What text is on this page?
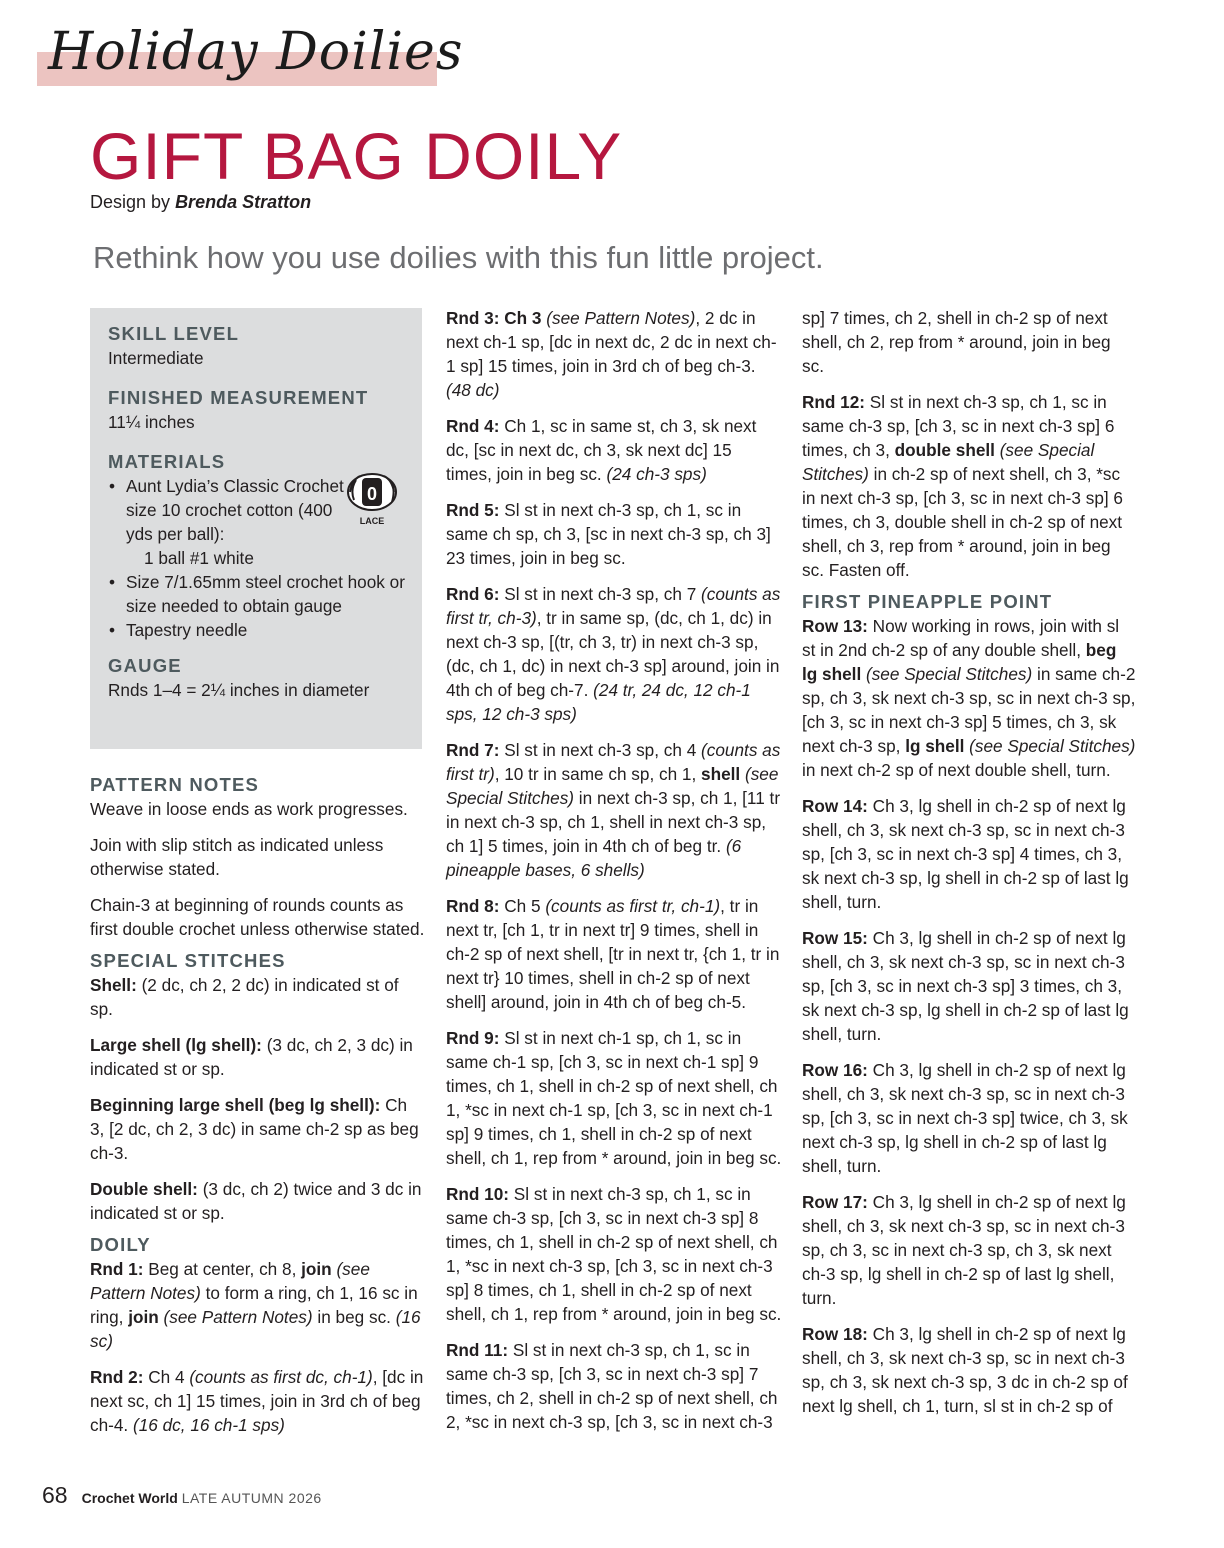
Holiday Doilies
GIFT BAG DOILY
Design by Brenda Stratton
Rethink how you use doilies with this fun little project.
SKILL LEVEL
Intermediate
FINISHED MEASUREMENT
11¼ inches
MATERIALS
• Aunt Lydia’s Classic Crochet size 10 crochet cotton (400 yds per ball):
1 ball #1 white
• Size 7/1.65mm steel crochet hook or size needed to obtain gauge
• Tapestry needle
GAUGE
Rnds 1–4 = 2¼ inches in diameter
0
LACE
PATTERN NOTES

Weave in loose ends as work progresses.

Join with slip stitch as indicated unless otherwise stated.

Chain-3 at beginning of rounds counts as first double crochet unless otherwise stated.

SPECIAL STITCHES

Shell: (2 dc, ch 2, 2 dc) in indicated st of sp.

Large shell (lg shell): (3 dc, ch 2, 3 dc) in indicated st or sp.

Beginning large shell (beg lg shell): Ch 3, [2 dc, ch 2, 3 dc) in same ch-2 sp as beg ch-3.

Double shell: (3 dc, ch 2) twice and 3 dc in indicated st or sp.

DOILY

Rnd 1: Beg at center, ch 8, join (see Pattern Notes) to form a ring, ch 1, 16 sc in ring, join (see Pattern Notes) in beg sc. (16 sc)

Rnd 2: Ch 4 (counts as first dc, ch-1), [dc in next sc, ch 1] 15 times, join in 3rd ch of beg ch-4. (16 dc, 16 ch-1 sps)

Rnd 3: Ch 3 (see Pattern Notes), 2 dc in next ch-1 sp, [dc in next dc, 2 dc in next ch-1 sp] 15 times, join in 3rd ch of beg ch-3. (48 dc)

Rnd 4: Ch 1, sc in same st, ch 3, sk next dc, [sc in next dc, ch 3, sk next dc] 15 times, join in beg sc. (24 ch-3 sps)

Rnd 5: Sl st in next ch-3 sp, ch 1, sc in same ch sp, ch 3, [sc in next ch-3 sp, ch 3] 23 times, join in beg sc.

Rnd 6: Sl st in next ch-3 sp, ch 7 (counts as first tr, ch-3), tr in same sp, (dc, ch 1, dc) in next ch-3 sp, [(tr, ch 3, tr) in next ch-3 sp, (dc, ch 1, dc) in next ch-3 sp] around, join in 4th ch of beg ch-7. (24 tr, 24 dc, 12 ch-1 sps, 12 ch-3 sps)

Rnd 7: Sl st in next ch-3 sp, ch 4 (counts as first tr), 10 tr in same ch sp, ch 1, shell (see Special Stitches) in next ch-3 sp, ch 1, [11 tr in next ch-3 sp, ch 1, shell in next ch-3 sp, ch 1] 5 times, join in 4th ch of beg tr. (6 pineapple bases, 6 shells)

Rnd 8: Ch 5 (counts as first tr, ch-1), tr in next tr, [ch 1, tr in next tr] 9 times, shell in ch-2 sp of next shell, [tr in next tr, {ch 1, tr in next tr} 10 times, shell in ch-2 sp of next shell] around, join in 4th ch of beg ch-5.

Rnd 9: Sl st in next ch-1 sp, ch 1, sc in same ch-1 sp, [ch 3, sc in next ch-1 sp] 9 times, ch 1, shell in ch-2 sp of next shell, ch 1, *sc in next ch-1 sp, [ch 3, sc in next ch-1 sp] 9 times, ch 1, shell in ch-2 sp of next shell, ch 1, rep from * around, join in beg sc.

Rnd 10: Sl st in next ch-3 sp, ch 1, sc in same ch-3 sp, [ch 3, sc in next ch-3 sp] 8 times, ch 1, shell in ch-2 sp of next shell, ch 1, *sc in next ch-3 sp, [ch 3, sc in next ch-3 sp] 8 times, ch 1, shell in ch-2 sp of next shell, ch 1, rep from * around, join in beg sc.

Rnd 11: Sl st in next ch-3 sp, ch 1, sc in same ch-3 sp, [ch 3, sc in next ch-3 sp] 7 times, ch 2, shell in ch-2 sp of next shell, ch 2, *sc in next ch-3 sp, [ch 3, sc in next ch-3

sp] 7 times, ch 2, shell in ch-2 sp of next shell, ch 2, rep from * around, join in beg sc.

Rnd 12: Sl st in next ch-3 sp, ch 1, sc in same ch-3 sp, [ch 3, sc in next ch-3 sp] 6 times, ch 3, double shell (see Special Stitches) in ch-2 sp of next shell, ch 3, *sc in next ch-3 sp, [ch 3, sc in next ch-3 sp] 6 times, ch 3, double shell in ch-2 sp of next shell, ch 3, rep from * around, join in beg sc. Fasten off.

FIRST PINEAPPLE POINT

Row 13: Now working in rows, join with sl st in 2nd ch-2 sp of any double shell, beg lg shell (see Special Stitches) in same ch-2 sp, ch 3, sk next ch-3 sp, sc in next ch-3 sp, [ch 3, sc in next ch-3 sp] 5 times, ch 3, sk next ch-3 sp, lg shell (see Special Stitches) in next ch-2 sp of next double shell, turn.

Row 14: Ch 3, lg shell in ch-2 sp of next lg shell, ch 3, sk next ch-3 sp, sc in next ch-3 sp, [ch 3, sc in next ch-3 sp] 4 times, ch 3, sk next ch-3 sp, lg shell in ch-2 sp of last lg shell, turn.

Row 15: Ch 3, lg shell in ch-2 sp of next lg shell, ch 3, sk next ch-3 sp, sc in next ch-3 sp, [ch 3, sc in next ch-3 sp] 3 times, ch 3, sk next ch-3 sp, lg shell in ch-2 sp of last lg shell, turn.

Row 16: Ch 3, lg shell in ch-2 sp of next lg shell, ch 3, sk next ch-3 sp, sc in next ch-3 sp, [ch 3, sc in next ch-3 sp] twice, ch 3, sk next ch-3 sp, lg shell in ch-2 sp of last lg shell, turn.

Row 17: Ch 3, lg shell in ch-2 sp of next lg shell, ch 3, sk next ch-3 sp, sc in next ch-3 sp, ch 3, sc in next ch-3 sp, ch 3, sk next ch-3 sp, lg shell in ch-2 sp of last lg shell, turn.

Row 18: Ch 3, lg shell in ch-2 sp of next lg shell, ch 3, sk next ch-3 sp, sc in next ch-3 sp, ch 3, sk next ch-3 sp, 3 dc in ch-2 sp of next lg shell, ch 1, turn, sl st in ch-2 sp of

68 Crochet World LATE AUTUMN 2026
